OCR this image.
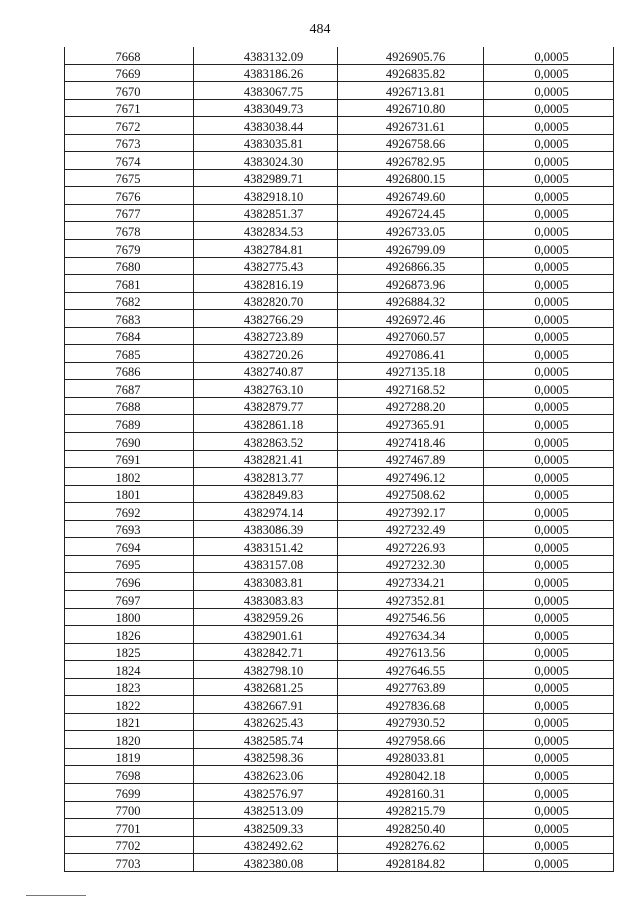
484
7668	4383132.09	4926905.76	0,0005
7669	4383186.26	4926835.82	0,0005
7670	4383067.75	4926713.81	0,0005
7671	4383049.73	4926710.80	0,0005
7672	4383038.44	4926731.61	0,0005
7673	4383035.81	4926758.66	0,0005
7674	4383024.30	4926782.95	0,0005
7675	4382989.71	4926800.15	0,0005
7676	4382918.10	4926749.60	0,0005
7677	4382851.37	4926724.45	0,0005
7678	4382834.53	4926733.05	0,0005
7679	4382784.81	4926799.09	0,0005
7680	4382775.43	4926866.35	0,0005
7681	4382816.19	4926873.96	0,0005
7682	4382820.70	4926884.32	0,0005
7683	4382766.29	4926972.46	0,0005
7684	4382723.89	4927060.57	0,0005
7685	4382720.26	4927086.41	0,0005
7686	4382740.87	4927135.18	0,0005
7687	4382763.10	4927168.52	0,0005
7688	4382879.77	4927288.20	0,0005
7689	4382861.18	4927365.91	0,0005
7690	4382863.52	4927418.46	0,0005
7691	4382821.41	4927467.89	0,0005
1802	4382813.77	4927496.12	0,0005
1801	4382849.83	4927508.62	0,0005
7692	4382974.14	4927392.17	0,0005
7693	4383086.39	4927232.49	0,0005
7694	4383151.42	4927226.93	0,0005
7695	4383157.08	4927232.30	0,0005
7696	4383083.81	4927334.21	0,0005
7697	4383083.83	4927352.81	0,0005
1800	4382959.26	4927546.56	0,0005
1826	4382901.61	4927634.34	0,0005
1825	4382842.71	4927613.56	0,0005
1824	4382798.10	4927646.55	0,0005
1823	4382681.25	4927763.89	0,0005
1822	4382667.91	4927836.68	0,0005
1821	4382625.43	4927930.52	0,0005
1820	4382585.74	4927958.66	0,0005
1819	4382598.36	4928033.81	0,0005
7698	4382623.06	4928042.18	0,0005
7699	4382576.97	4928160.31	0,0005
7700	4382513.09	4928215.79	0,0005
7701	4382509.33	4928250.40	0,0005
7702	4382492.62	4928276.62	0,0005
7703	4382380.08	4928184.82	0,0005
